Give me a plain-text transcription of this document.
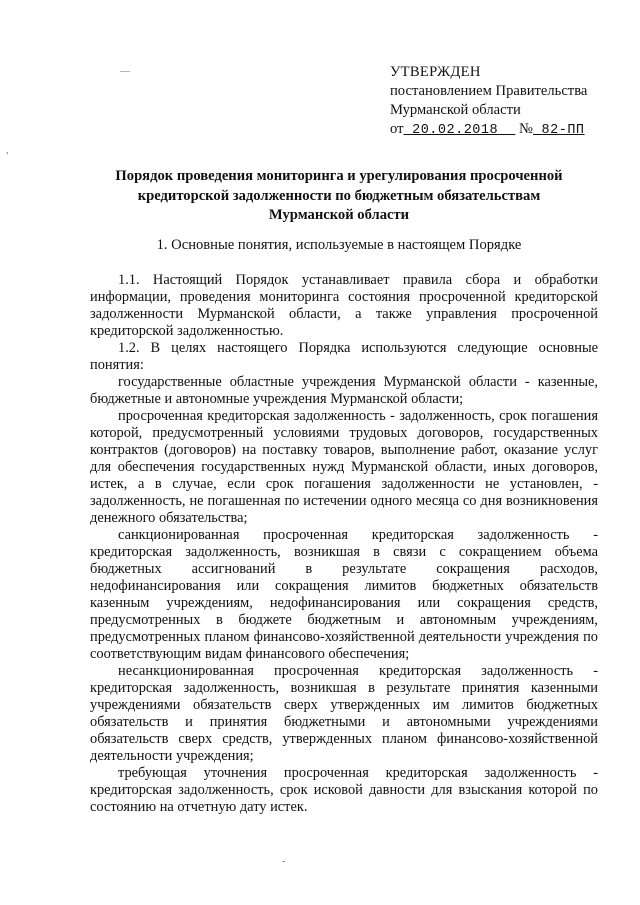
—
,
-
УТВЕРЖДЕН
постановлением Правительства
Мурманской области
от 20.02.2018 № 82-ПП
Порядок проведения мониторинга и урегулирования просроченной
кредиторской задолженности по бюджетным обязательствам
Мурманской области
1. Основные понятия, используемые в настоящем Порядке

1.1. Настоящий Порядок устанавливает правила сбора и обработки информации, проведения мониторинга состояния просроченной кредиторской задолженности Мурманской области, а также управления просроченной кредиторской задолженностью.

1.2. В целях настоящего Порядка используются следующие основные понятия:

государственные областные учреждения Мурманской области - казенные, бюджетные и автономные учреждения Мурманской области;

просроченная кредиторская задолженность - задолженность, срок погашения которой, предусмотренный условиями трудовых договоров, государственных контрактов (договоров) на поставку товаров, выполнение работ, оказание услуг для обеспечения государственных нужд Мурманской области, иных договоров, истек, а в случае, если срок погашения задолженности не установлен, - задолженность, не погашенная по истечении одного месяца со дня возникновения денежного обязательства;

санкционированная просроченная кредиторская задолженность - кредиторская задолженность, возникшая в связи с сокращением объема бюджетных ассигнований в результате сокращения расходов, недофинансирования или сокращения лимитов бюджетных обязательств казенным учреждениям, недофинансирования или сокращения средств, предусмотренных в бюджете бюджетным и автономным учреждениям, предусмотренных планом финансово-хозяйственной деятельности учреждения по соответствующим видам финансового обеспечения;

несанкционированная просроченная кредиторская задолженность - кредиторская задолженность, возникшая в результате принятия казенными учреждениями обязательств сверх утвержденных им лимитов бюджетных обязательств и принятия бюджетными и автономными учреждениями обязательств сверх средств, утвержденных планом финансово-хозяйственной деятельности учреждения;

требующая уточнения просроченная кредиторская задолженность - кредиторская задолженность, срок исковой давности для взыскания которой по состоянию на отчетную дату истек.
